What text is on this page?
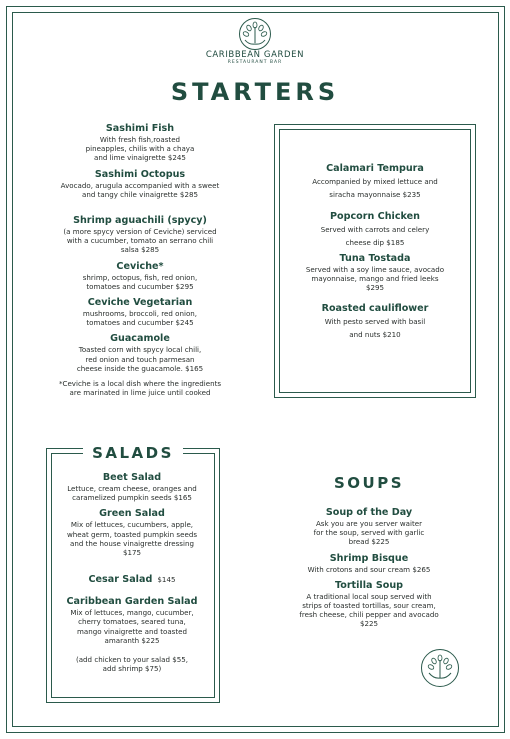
CARIBBEAN GARDEN
RESTAURANT BAR
STARTERS
Sashimi Fish
With fresh fish,roasted
pineapples, chilis with a chaya
and lime vinaigrette $245
Sashimi Octopus
Avocado, arugula accompanied with a sweet
and tangy chile vinaigrette $285
Shrimp aguachili (spycy)
(a more spycy version of Ceviche) serviced
with a cucumber, tomato an serrano chili
salsa $285
Ceviche*
shrimp, octopus, fish, red onion,
tomatoes and cucumber $295
Ceviche Vegetarian
mushrooms, broccoli, red onion,
tomatoes and cucumber $245
Guacamole
Toasted corn with spycy local chili,
red onion and touch parmesan
cheese inside the guacamole. $165
*Ceviche is a local dish where the ingredients
are marinated in lime juice until cooked
Calamari Tempura
Accompanied by mixed lettuce and
siracha mayonnaise $235
Popcorn Chicken
Served with carrots and celery
cheese dip $185
Tuna Tostada
Served with a soy lime sauce, avocado
mayonnaise, mango and fried leeks
$295
Roasted cauliflower
With pesto served with basil
and nuts $210
SALADS
Beet Salad
Lettuce, cream cheese, oranges and
caramelized pumpkin seeds $165
Green Salad
Mix of lettuces, cucumbers, apple,
wheat germ, toasted pumpkin seeds
and the house vinaigrette dressing
$175
Cesar Salad $145
Caribbean Garden Salad
Mix of lettuces, mango, cucumber,
cherry tomatoes, seared tuna,
mango vinaigrette and toasted
amaranth $225
(add chicken to your salad $55,
add shrimp $75)
SOUPS
Soup of the Day
Ask you are you server waiter
for the soup, served with garlic
bread $225
Shrimp Bisque
With crotons and sour cream $265
Tortilla Soup
A traditional local soup served with
strips of toasted tortillas, sour cream,
fresh cheese, chili pepper and avocado
$225
